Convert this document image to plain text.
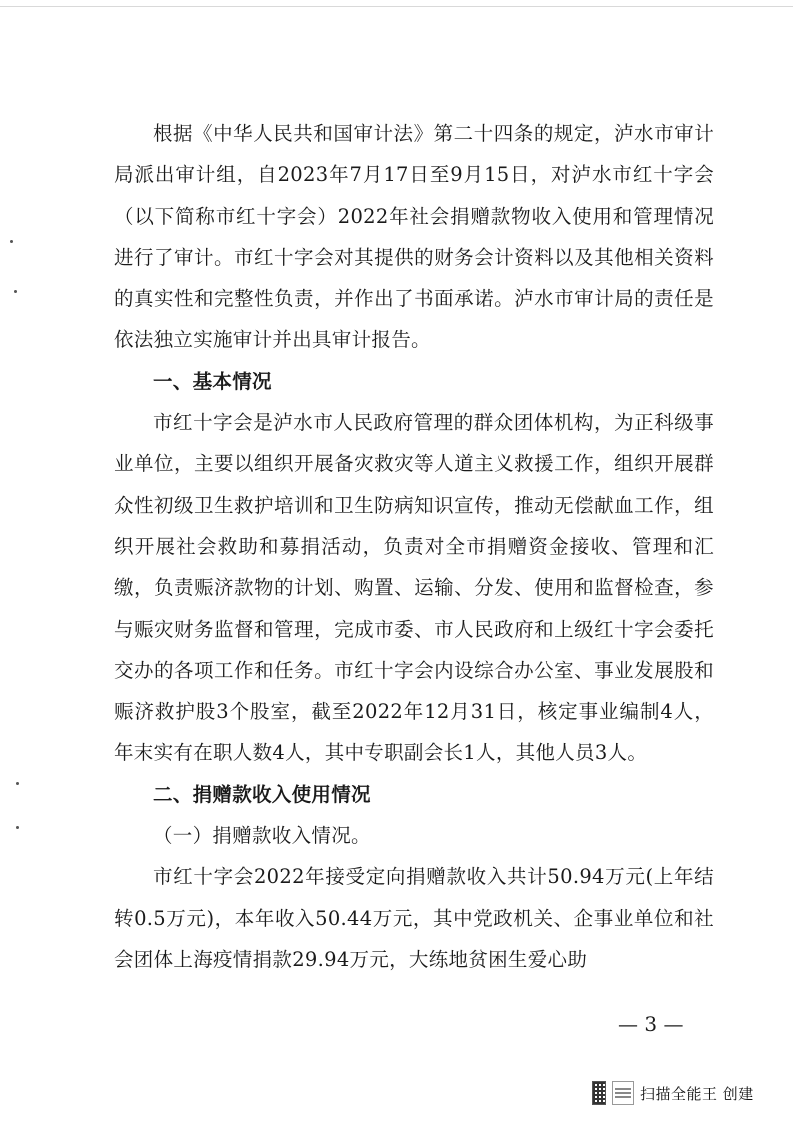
根据《中华人民共和国审计法》第二十四条的规定，泸水市审计局派出审计组，自2023年7月17日至9月15日，对泸水市红十字会（以下简称市红十字会）2022年社会捐赠款物收入使用和管理情况进行了审计。市红十字会对其提供的财务会计资料以及其他相关资料的真实性和完整性负责，并作出了书面承诺。泸水市审计局的责任是依法独立实施审计并出具审计报告。

一、基本情况

市红十字会是泸水市人民政府管理的群众团体机构，为正科级事业单位，主要以组织开展备灾救灾等人道主义救援工作，组织开展群众性初级卫生救护培训和卫生防病知识宣传，推动无偿献血工作，组织开展社会救助和募捐活动，负责对全市捐赠资金接收、管理和汇缴，负责赈济款物的计划、购置、运输、分发、使用和监督检查，参与赈灾财务监督和管理，完成市委、市人民政府和上级红十字会委托交办的各项工作和任务。市红十字会内设综合办公室、事业发展股和赈济救护股3个股室，截至2022年12月31日，核定事业编制4人，年末实有在职人数4人，其中专职副会长1人，其他人员3人。

二、捐赠款收入使用情况

（一）捐赠款收入情况。

市红十字会2022年接受定向捐赠款收入共计50.94万元(上年结转0.5万元)，本年收入50.44万元，其中党政机关、企事业单位和社会团体上海疫情捐款29.94万元，大练地贫困生爱心助

— 3 —
扫描全能王 创建
